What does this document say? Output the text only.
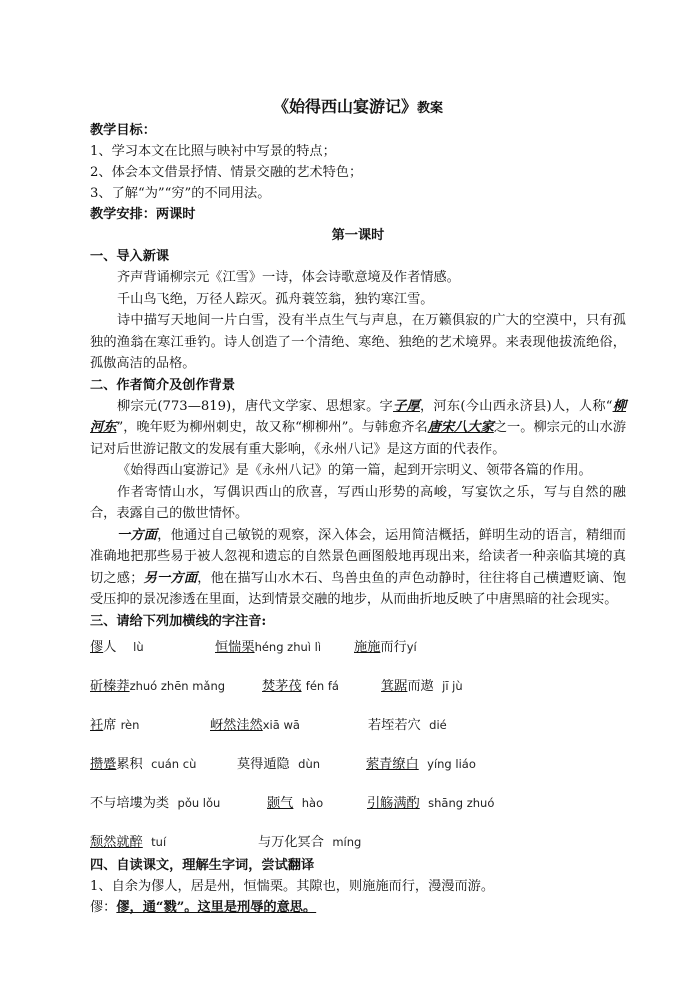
《始得西山宴游记》教案
教学目标：
1、学习本文在比照与映衬中写景的特点；
2、体会本文借景抒情、情景交融的艺术特色；
3、了解“为”“穷”的不同用法。
教学安排：两课时
第一课时
一、导入新课
齐声背诵柳宗元《江雪》一诗，体会诗歌意境及作者情感。
千山鸟飞绝，万径人踪灭。孤舟蓑笠翁，独钓寒江雪。
诗中描写天地间一片白雪，没有半点生气与声息，在万籁俱寂的广大的空漠中，只有孤独的渔翁在寒江垂钓。诗人创造了一个清绝、寒绝、独绝的艺术境界。来表现他拔流绝俗，孤傲高洁的品格。
二、作者简介及创作背景
柳宗元(773—819)，唐代文学家、思想家。字子厚，河东(今山西永济县)人，人称“柳河东”，晚年贬为柳州刺史，故又称“柳柳州”。与韩愈齐名唐宋八大家之一。柳宗元的山水游记对后世游记散文的发展有重大影响，《永州八记》是这方面的代表作。
《始得西山宴游记》是《永州八记》的第一篇，起到开宗明义、领带各篇的作用。
作者寄情山水，写偶识西山的欣喜，写西山形势的高峻，写宴饮之乐，写与自然的融合，表露自己的傲世情怀。
一方面，他通过自己敏锐的观察，深入体会，运用简洁概括，鲜明生动的语言，精细而准确地把那些易于被人忽视和遗忘的自然景色画图般地再现出来，给读者一种亲临其境的真切之感；另一方面，他在描写山水木石、鸟兽虫鱼的声色动静时，往往将自己横遭贬谪、饱受压抑的景况渗透在里面，达到情景交融的地步，从而曲折地反映了中唐黑暗的社会现实。
三、请给下列加横线的字注音:
僇人 lù	恒惴栗héng zhuì lì 施施而行yí
斫榛莽zhuó zhēn mǎng	焚茅茷 fén fá	箕踞而遨 jī jù
衽席 rèn	岈然洼然xiā wā	若垤若穴 dié
攒蹙累积 cuán cù	莫得遁隐 dùn	萦青缭白 yíng liáo
不与培塿为类 pǒu lǒu	颢气 hào	引觞满酌 shāng zhuó
颓然就醉 tuí	与万化冥合 míng
四、自读课文，理解生字词，尝试翻译
1、自余为僇人，居是州，恒惴栗。其隙也，则施施而行，漫漫而游。
僇：僇，通“戮”。这里是刑辱的意思。
